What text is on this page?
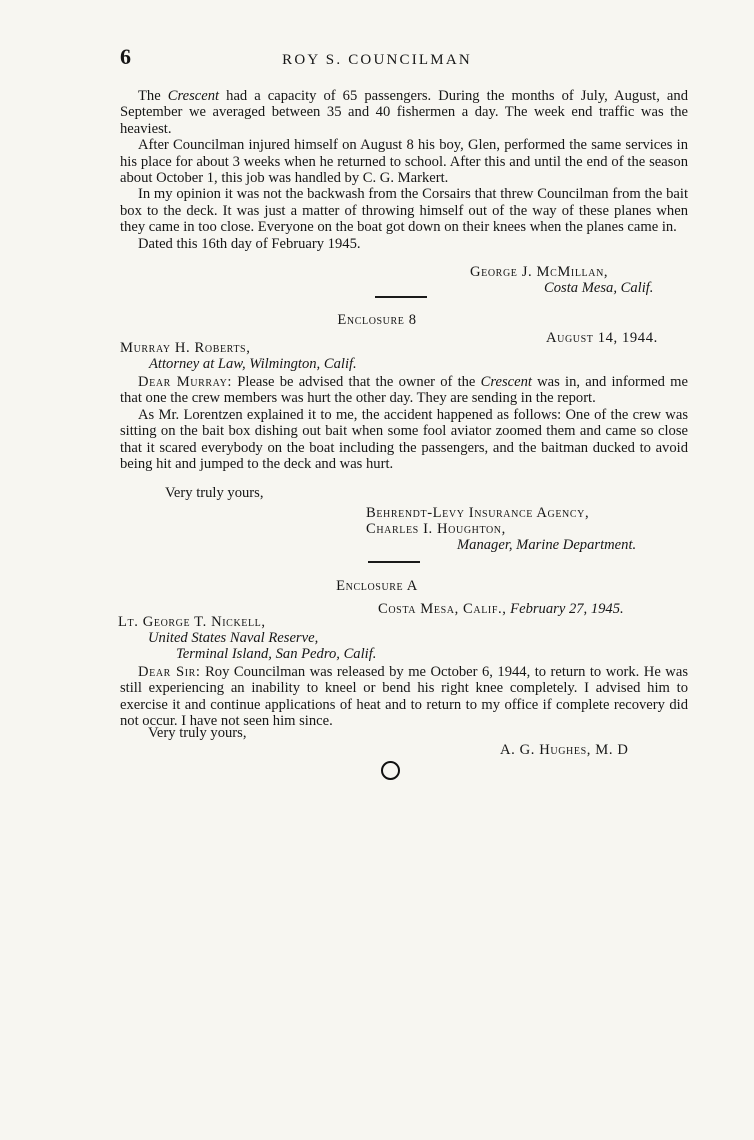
6	ROY S. COUNCILMAN

The Crescent had a capacity of 65 passengers. During the months of July, August, and September we averaged between 35 and 40 fishermen a day. The week end traffic was the heaviest.

After Councilman injured himself on August 8 his boy, Glen, performed the same services in his place for about 3 weeks when he returned to school. After this and until the end of the season about October 1, this job was handled by C. G. Markert.

In my opinion it was not the backwash from the Corsairs that threw Councilman from the bait box to the deck. It was just a matter of throwing himself out of the way of these planes when they came in too close. Everyone on the boat got down on their knees when the planes came in.

Dated this 16th day of February 1945.

George J. McMillan,
Costa Mesa, Calif.
Enclosure 8
August 14, 1944.
Murray H. Roberts,
Attorney at Law, Wilmington, Calif.

Dear Murray: Please be advised that the owner of the Crescent was in, and informed me that one the crew members was hurt the other day. They are sending in the report.

As Mr. Lorentzen explained it to me, the accident happened as follows: One of the crew was sitting on the bait box dishing out bait when some fool aviator zoomed them and came so close that it scared everybody on the boat including the passengers, and the baitman ducked to avoid being hit and jumped to the deck and was hurt.

Very truly yours,
Behrendt-Levy Insurance Agency,
Charles I. Houghton,
Manager, Marine Department.
Enclosure A
Costa Mesa, Calif., February 27, 1945.
Lt. George T. Nickell,
United States Naval Reserve,
Terminal Island, San Pedro, Calif.

Dear Sir: Roy Councilman was released by me October 6, 1944, to return to work. He was still experiencing an inability to kneel or bend his right knee completely. I advised him to exercise it and continue applications of heat and to return to my office if complete recovery did not occur. I have not seen him since.

Very truly yours,
A. G. Hughes, M. D
